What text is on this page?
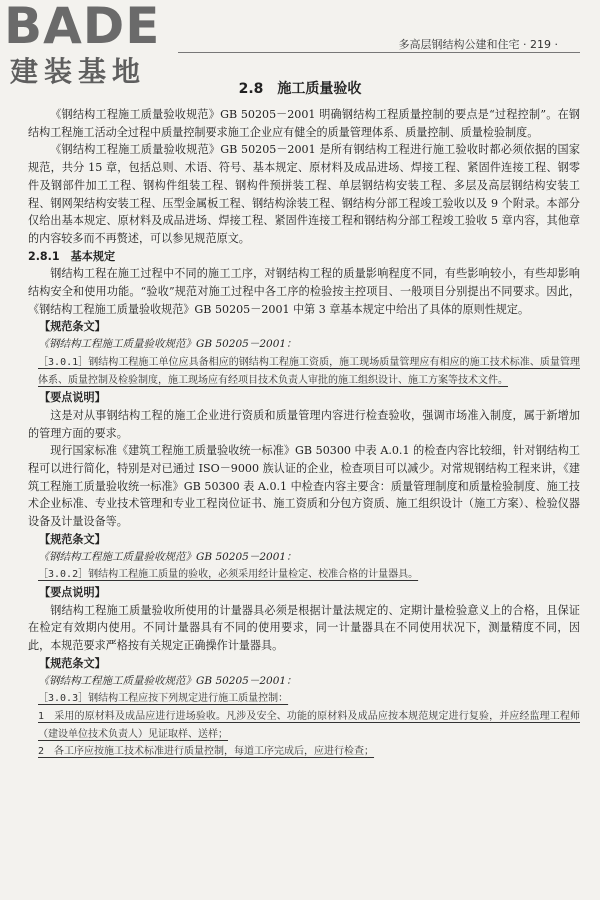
BADE
建装基地
多高层钢结构公建和住宅 · 219 ·
2.8　施工质量验收

《钢结构工程施工质量验收规范》GB 50205－2001 明确钢结构工程质量控制的要点是“过程控制”。在钢结构工程施工活动全过程中质量控制要求施工企业应有健全的质量管理体系、质量控制、质量检验制度。

《钢结构工程施工质量验收规范》GB 50205－2001 是所有钢结构工程进行施工验收时都必须依据的国家规范，共分 15 章，包括总则、术语、符号、基本规定、原材料及成品进场、焊接工程、紧固件连接工程、钢零件及钢部件加工工程、钢构件组装工程、钢构件预拼装工程、单层钢结构安装工程、多层及高层钢结构安装工程、钢网架结构安装工程、压型金属板工程、钢结构涂装工程、钢结构分部工程竣工验收以及 9 个附录。本部分仅给出基本规定、原材料及成品进场、焊接工程、紧固件连接工程和钢结构分部工程竣工验收 5 章内容，其他章的内容较多而不再赘述，可以参见规范原文。

2.8.1　基本规定

钢结构工程在施工过程中不同的施工工序，对钢结构工程的质量影响程度不同，有些影响较小，有些却影响结构安全和使用功能。“验收”规范对施工过程中各工序的检验按主控项目、一般项目分别提出不同要求。因此，《钢结构工程施工质量验收规范》GB 50205－2001 中第 3 章基本规定中给出了具体的原则性规定。

【规范条文】

《钢结构工程施工质量验收规范》GB 50205－2001：

［3.0.1］钢结构工程施工单位应具备相应的钢结构工程施工资质，施工现场质量管理应有相应的施工技术标准、质量管理体系、质量控制及检验制度，施工现场应有经项目技术负责人审批的施工组织设计、施工方案等技术文件。

【要点说明】

这是对从事钢结构工程的施工企业进行资质和质量管理内容进行检查验收，强调市场准入制度，属于新增加的管理方面的要求。

现行国家标准《建筑工程施工质量验收统一标准》GB 50300 中表 A.0.1 的检查内容比较细，针对钢结构工程可以进行简化，特别是对已通过 ISO－9000 族认证的企业，检查项目可以减少。对常规钢结构工程来讲，《建筑工程施工质量验收统一标准》GB 50300 表 A.0.1 中检查内容主要含：质量管理制度和质量检验制度、施工技术企业标准、专业技术管理和专业工程岗位证书、施工资质和分包方资质、施工组织设计（施工方案）、检验仪器设备及计量设备等。

【规范条文】

《钢结构工程施工质量验收规范》GB 50205－2001：

［3.0.2］钢结构工程施工质量的验收，必须采用经计量检定、校准合格的计量器具。

【要点说明】

钢结构工程施工质量验收所使用的计量器具必须是根据计量法规定的、定期计量检验意义上的合格，且保证在检定有效期内使用。不同计量器具有不同的使用要求，同一计量器具在不同使用状况下，测量精度不同，因此，本规范要求严格按有关规定正确操作计量器具。

【规范条文】

《钢结构工程施工质量验收规范》GB 50205－2001：

［3.0.3］钢结构工程应按下列规定进行施工质量控制：

1　采用的原材料及成品应进行进场验收。凡涉及安全、功能的原材料及成品应按本规范规定进行复验，并应经监理工程师（建设单位技术负责人）见证取样、送样；

2　各工序应按施工技术标准进行质量控制，每道工序完成后，应进行检查；
